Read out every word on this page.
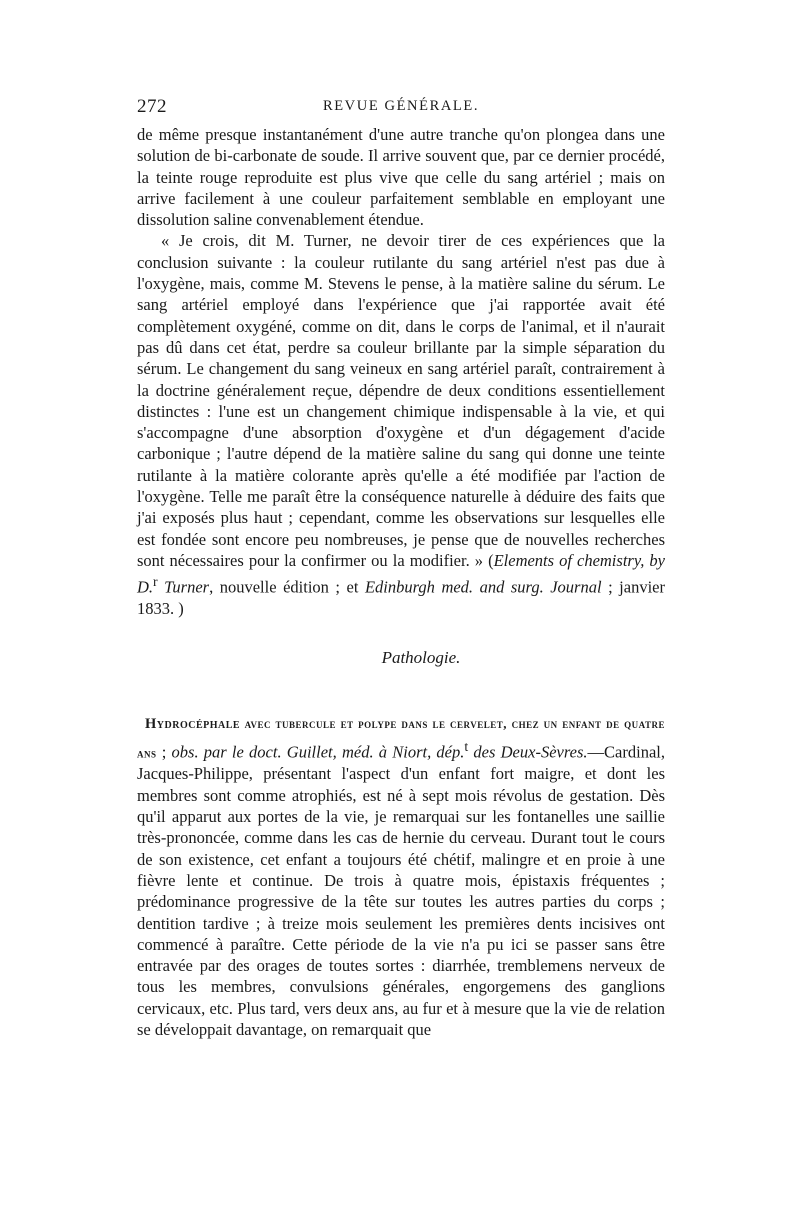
272	REVUE GÉNÉRALE.

de même presque instantanément d'une autre tranche qu'on plongea dans une solution de bi-carbonate de soude. Il arrive souvent que, par ce dernier procédé, la teinte rouge reproduite est plus vive que celle du sang artériel ; mais on arrive facilement à une couleur parfaitement semblable en employant une dissolution saline convenablement étendue.

« Je crois, dit M. Turner, ne devoir tirer de ces expériences que la conclusion suivante : la couleur rutilante du sang artériel n'est pas due à l'oxygène, mais, comme M. Stevens le pense, à la matière saline du sérum. Le sang artériel employé dans l'expérience que j'ai rapportée avait été complètement oxygéné, comme on dit, dans le corps de l'animal, et il n'aurait pas dû dans cet état, perdre sa couleur brillante par la simple séparation du sérum. Le changement du sang veineux en sang artériel paraît, contrairement à la doctrine généralement reçue, dépendre de deux conditions essentiellement distinctes : l'une est un changement chimique indispensable à la vie, et qui s'accompagne d'une absorption d'oxygène et d'un dégagement d'acide carbonique ; l'autre dépend de la matière saline du sang qui donne une teinte rutilante à la matière colorante après qu'elle a été modifiée par l'action de l'oxygène. Telle me paraît être la conséquence naturelle à déduire des faits que j'ai exposés plus haut ; cependant, comme les observations sur lesquelles elle est fondée sont encore peu nombreuses, je pense que de nouvelles recherches sont nécessaires pour la confirmer ou la modifier. » (Elements of chemistry, by D.$^r$ Turner, nouvelle édition ; et Edinburgh med. and surg. Journal ; janvier 1833. )

Pathologie.

Hydrocéphale avec tubercule et polype dans le cervelet, chez un enfant de quatre ans ; obs. par le doct. Guillet, méd. à Niort, dép.$^t$ des Deux-Sèvres.—Cardinal, Jacques-Philippe, présentant l'aspect d'un enfant fort maigre, et dont les membres sont comme atrophiés, est né à sept mois révolus de gestation. Dès qu'il apparut aux portes de la vie, je remarquai sur les fontanelles une saillie très-prononcée, comme dans les cas de hernie du cerveau. Durant tout le cours de son existence, cet enfant a toujours été chétif, malingre et en proie à une fièvre lente et continue. De trois à quatre mois, épistaxis fréquentes ; prédominance progressive de la tête sur toutes les autres parties du corps ; dentition tardive ; à treize mois seulement les premières dents incisives ont commencé à paraître. Cette période de la vie n'a pu ici se passer sans être entravée par des orages de toutes sortes : diarrhée, tremblemens nerveux de tous les membres, convulsions générales, engorgemens des ganglions cervicaux, etc. Plus tard, vers deux ans, au fur et à mesure que la vie de relation se développait davantage, on remarquait que
